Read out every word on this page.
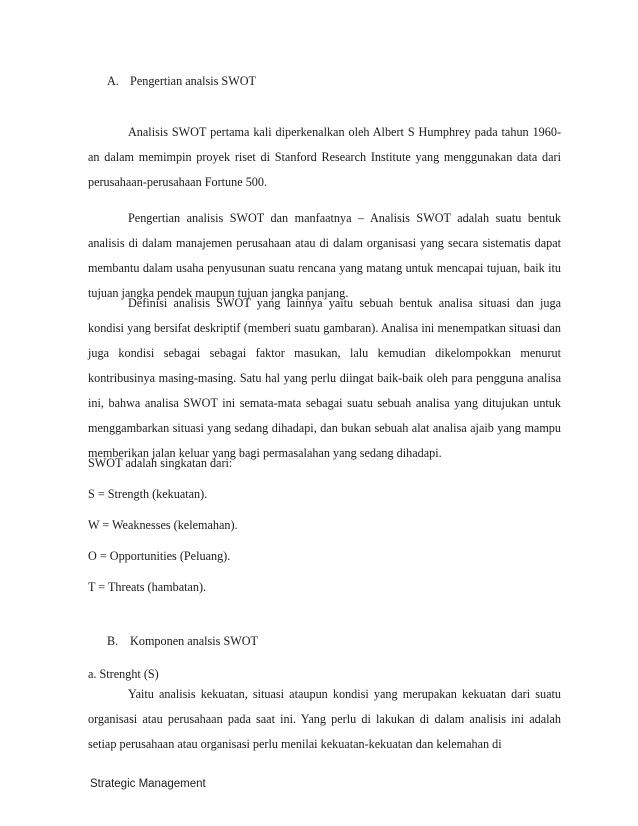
A. Pengertian analsis SWOT

Analisis SWOT pertama kali diperkenalkan oleh Albert S Humphrey pada tahun 1960-an dalam memimpin proyek riset di Stanford Research Institute yang menggunakan data dari perusahaan-perusahaan Fortune 500.

Pengertian analisis SWOT dan manfaatnya – Analisis SWOT adalah suatu bentuk analisis di dalam manajemen perusahaan atau di dalam organisasi yang secara sistematis dapat membantu dalam usaha penyusunan suatu rencana yang matang untuk mencapai tujuan, baik itu tujuan jangka pendek maupun tujuan jangka panjang.

Definisi analisis SWOT yang lainnya yaitu sebuah bentuk analisa situasi dan juga kondisi yang bersifat deskriptif (memberi suatu gambaran). Analisa ini menempatkan situasi dan juga kondisi sebagai sebagai faktor masukan, lalu kemudian dikelompokkan menurut kontribusinya masing-masing. Satu hal yang perlu diingat baik-baik oleh para pengguna analisa ini, bahwa analisa SWOT ini semata-mata sebagai suatu sebuah analisa yang ditujukan untuk menggambarkan situasi yang sedang dihadapi, dan bukan sebuah alat analisa ajaib yang mampu memberikan jalan keluar yang bagi permasalahan yang sedang dihadapi.

SWOT adalah singkatan dari:
S = Strength (kekuatan).
W = Weaknesses (kelemahan).
O = Opportunities (Peluang).
T = Threats (hambatan).
B. Komponen analsis SWOT
a. Strenght (S)

Yaitu analisis kekuatan, situasi ataupun kondisi yang merupakan kekuatan dari suatu organisasi atau perusahaan pada saat ini. Yang perlu di lakukan di dalam analisis ini adalah setiap perusahaan atau organisasi perlu menilai kekuatan-kekuatan dan kelemahan di

Strategic Management
